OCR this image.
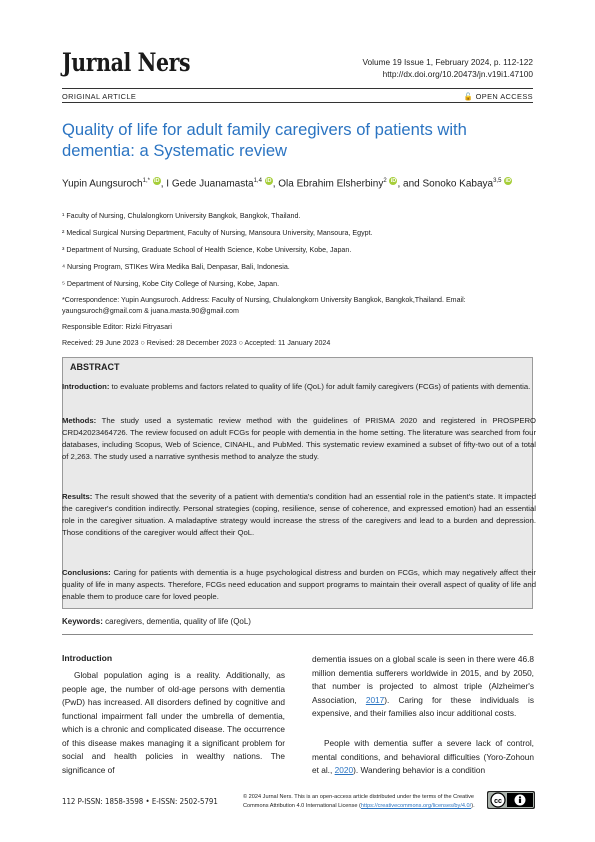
Jurnal Ners	Volume 19 Issue 1, February 2024, p. 112-122
http://dx.doi.org/10.20473/jn.v19i1.47100
ORIGINAL ARTICLE	🔓 OPEN ACCESS
Quality of life for adult family caregivers of patients with dementia: a Systematic review
Yupin Aungsuroch$^{1,*}$ iD, I Gede Juanamasta$^{1,4}$ iD, Ola Ebrahim Elsherbiny$^2$ iD, and Sonoko Kabaya$^{3,5}$ iD
¹ Faculty of Nursing, Chulalongkorn University Bangkok, Bangkok, Thailand.
² Medical Surgical Nursing Department, Faculty of Nursing, Mansoura University, Mansoura, Egypt.
³ Department of Nursing, Graduate School of Health Science, Kobe University, Kobe, Japan.
⁴ Nursing Program, STIKes Wira Medika Bali, Denpasar, Bali, Indonesia.
⁵ Department of Nursing, Kobe City College of Nursing, Kobe, Japan.
*Correspondence: Yupin Aungsuroch. Address: Faculty of Nursing, Chulalongkorn University Bangkok, Bangkok,Thailand. Email: yaungsuroch@gmail.com & juana.masta.90@gmail.com
Responsible Editor: Rizki Fitryasari
Received: 29 June 2023 ○ Revised: 28 December 2023 ○ Accepted: 11 January 2024
ABSTRACT
Introduction: to evaluate problems and factors related to quality of life (QoL) for adult family caregivers (FCGs) of patients with dementia.
Methods: The study used a systematic review method with the guidelines of PRISMA 2020 and registered in PROSPERO CRD42023464726. The review focused on adult FCGs for people with dementia in the home setting. The literature was searched from four databases, including Scopus, Web of Science, CINAHL, and PubMed. This systematic review examined a subset of fifty-two out of a total of 2,263. The study used a narrative synthesis method to analyze the study.
Results: The result showed that the severity of a patient with dementia's condition had an essential role in the patient's state. It impacted the caregiver's condition indirectly. Personal strategies (coping, resilience, sense of coherence, and expressed emotion) had an essential role in the caregiver situation. A maladaptive strategy would increase the stress of the caregivers and lead to a burden and depression. Those conditions of the caregiver would affect their QoL.
Conclusions: Caring for patients with dementia is a huge psychological distress and burden on FCGs, which may negatively affect their quality of life in many aspects. Therefore, FCGs need education and support programs to maintain their overall aspect of quality of life and enable them to produce care for loved people.
Keywords: caregivers, dementia, quality of life (QoL)
Introduction
Global population aging is a reality. Additionally, as people age, the number of old-age persons with dementia (PwD) has increased. All disorders defined by cognitive and functional impairment fall under the umbrella of dementia, which is a chronic and complicated disease. The occurrence of this disease makes managing it a significant problem for social and health policies in wealthy nations. The significance of
dementia issues on a global scale is seen in there were 46.8 million dementia sufferers worldwide in 2015, and by 2050, that number is projected to almost triple (Alzheimer's Association, 2017). Caring for these individuals is expensive, and their families also incur additional costs.
People with dementia suffer a severe lack of control, mental conditions, and behavioral difficulties (Yoro-Zohoun et al., 2020). Wandering behavior is a condition
112 P-ISSN: 1858-3598 • E-ISSN: 2502-5791	© 2024 Jurnal Ners. This is an open-access article distributed under the terms of the Creative Commons Attribution 4.0 International License (https://creativecommons.org/licenses/by/4.0/).
cc
